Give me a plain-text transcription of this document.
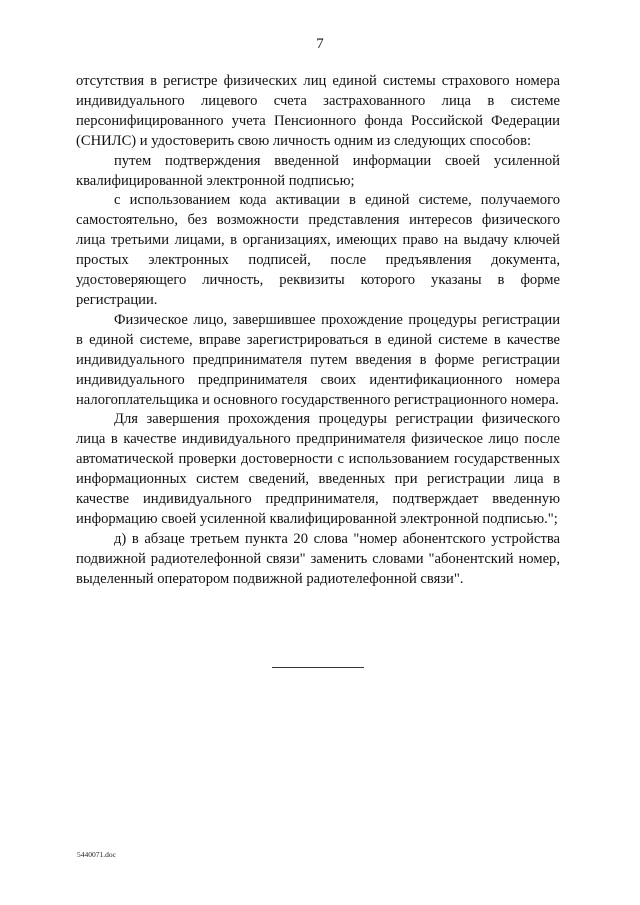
7

отсутствия в регистре физических лиц единой системы страхового номера индивидуального лицевого счета застрахованного лица в системе персонифицированного учета Пенсионного фонда Российской Федерации (СНИЛС) и удостоверить свою личность одним из следующих способов:

путем подтверждения введенной информации своей усиленной квалифицированной электронной подписью;

с использованием кода активации в единой системе, получаемого самостоятельно, без возможности представления интересов физического лица третьими лицами, в организациях, имеющих право на выдачу ключей простых электронных подписей, после предъявления документа, удостоверяющего личность, реквизиты которого указаны в форме регистрации.

Физическое лицо, завершившее прохождение процедуры регистрации в единой системе, вправе зарегистрироваться в единой системе в качестве индивидуального предпринимателя путем введения в форме регистрации индивидуального предпринимателя своих идентификационного номера налогоплательщика и основного государственного регистрационного номера.

Для завершения прохождения процедуры регистрации физического лица в качестве индивидуального предпринимателя физическое лицо после автоматической проверки достоверности с использованием государственных информационных систем сведений, введенных при регистрации лица в качестве индивидуального предпринимателя, подтверждает введенную информацию своей усиленной квалифицированной электронной подписью.";

д) в абзаце третьем пункта 20 слова "номер абонентского устройства подвижной радиотелефонной связи" заменить словами "абонентский номер, выделенный оператором подвижной радиотелефонной связи".

5440071.doc
